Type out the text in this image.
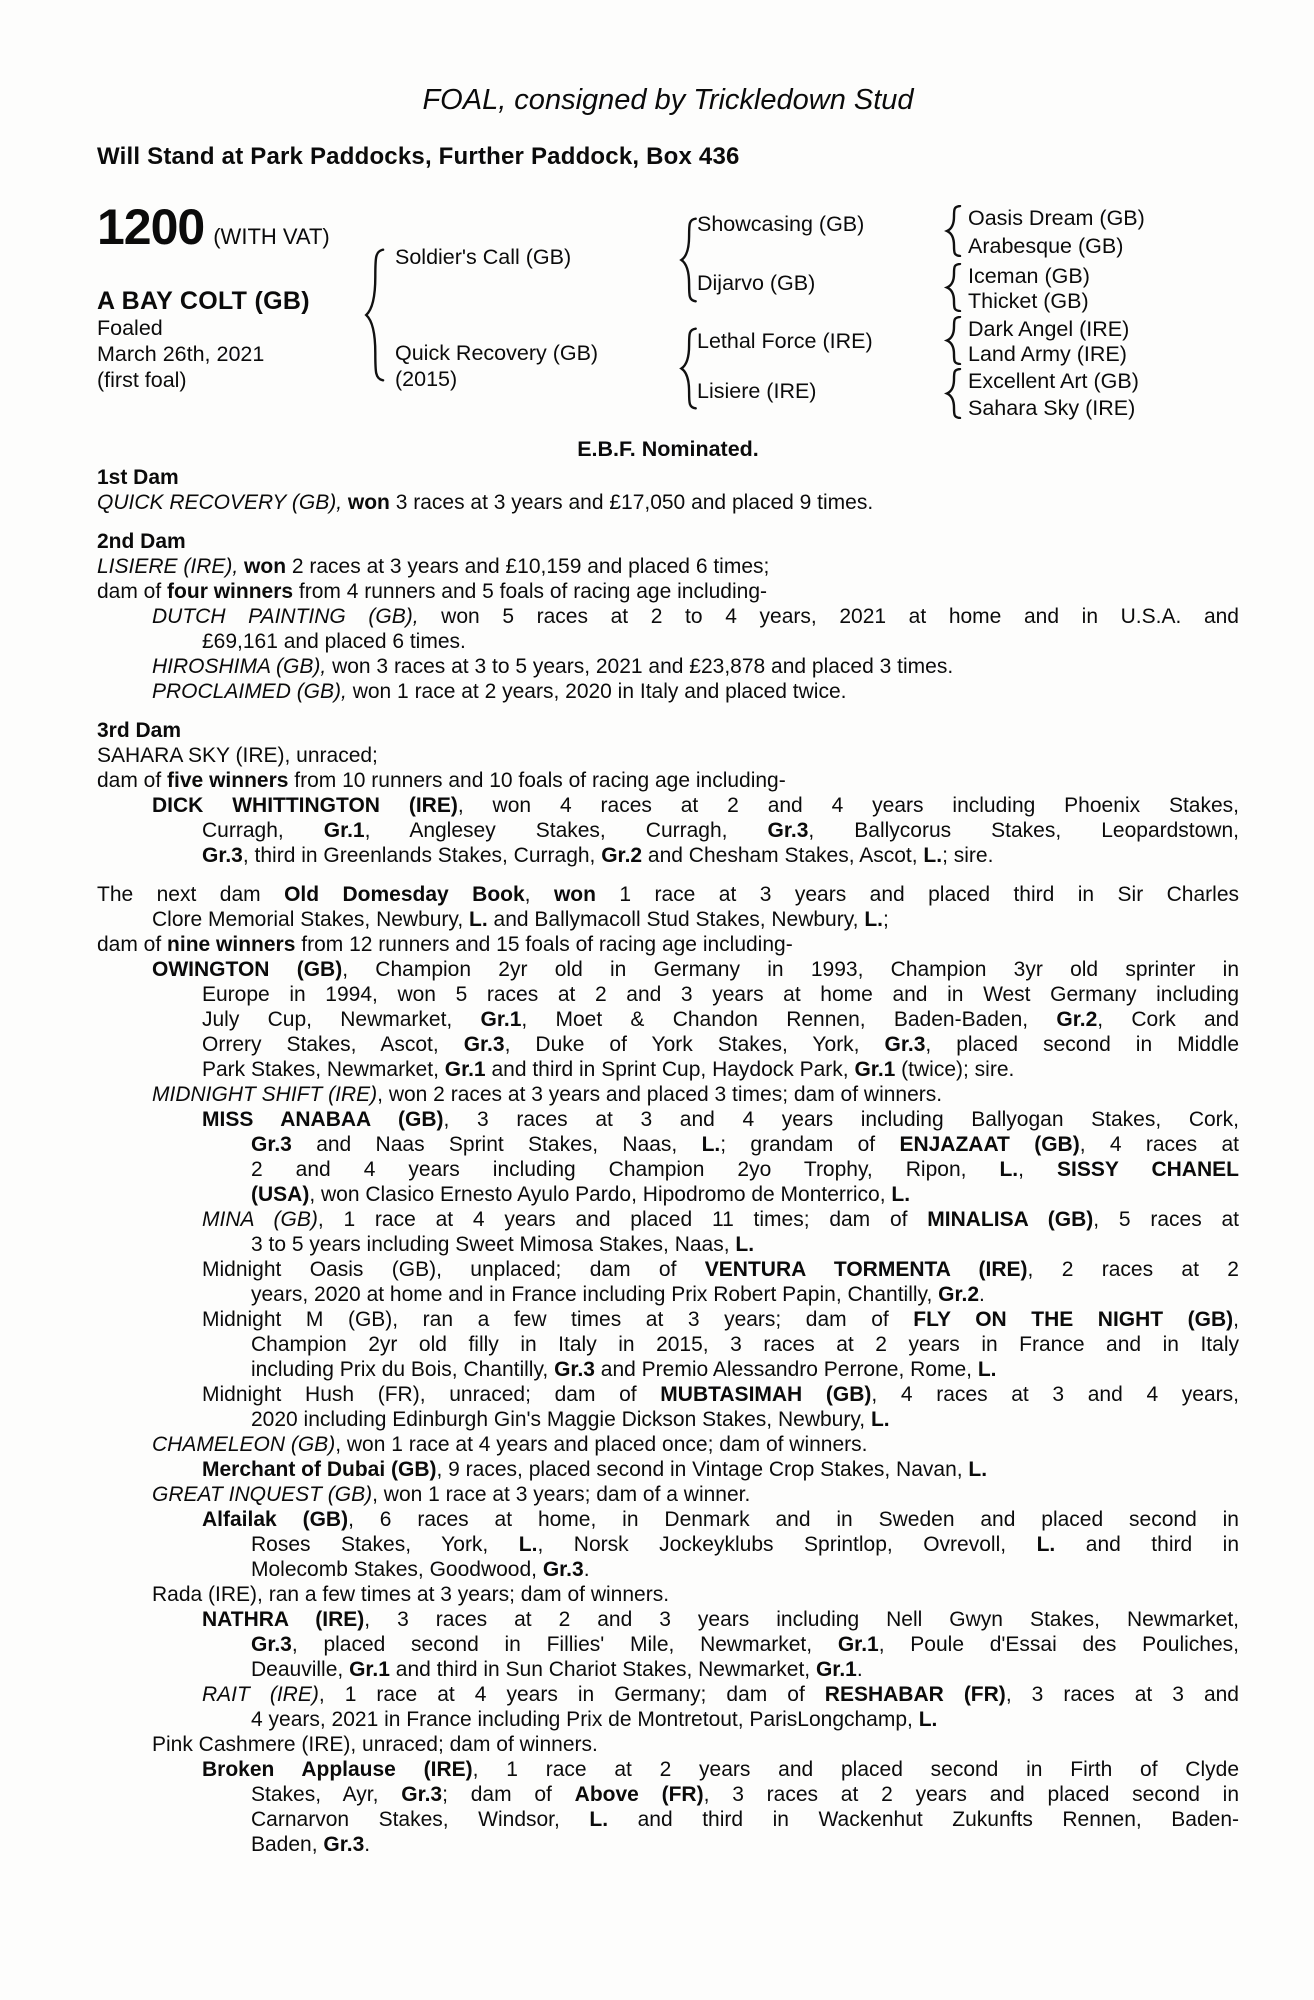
FOAL, consigned by Trickledown Stud
Will Stand at Park Paddocks, Further Paddock, Box 436
1200 (WITH VAT)
A BAY COLT (GB)
Foaled
March 26th, 2021
(first foal)
Soldier's Call (GB)
Quick Recovery (GB)
(2015)
Showcasing (GB)
Dijarvo (GB)
Lethal Force (IRE)
Lisiere (IRE)
Oasis Dream (GB)
Arabesque (GB)
Iceman (GB)
Thicket (GB)
Dark Angel (IRE)
Land Army (IRE)
Excellent Art (GB)
Sahara Sky (IRE)
E.B.F. Nominated.
1st Dam
QUICK RECOVERY (GB), won 3 races at 3 years and £17,050 and placed 9 times.
2nd Dam
LISIERE (IRE), won 2 races at 3 years and £10,159 and placed 6 times;
dam of four winners from 4 runners and 5 foals of racing age including-
DUTCH PAINTING (GB), won 5 races at 2 to 4 years, 2021 at home and in U.S.A. and
£69,161 and placed 6 times.
HIROSHIMA (GB), won 3 races at 3 to 5 years, 2021 and £23,878 and placed 3 times.
PROCLAIMED (GB), won 1 race at 2 years, 2020 in Italy and placed twice.
3rd Dam
SAHARA SKY (IRE), unraced;
dam of five winners from 10 runners and 10 foals of racing age including-
DICK WHITTINGTON (IRE), won 4 races at 2 and 4 years including Phoenix Stakes,
Curragh, Gr.1, Anglesey Stakes, Curragh, Gr.3, Ballycorus Stakes, Leopardstown,
Gr.3, third in Greenlands Stakes, Curragh, Gr.2 and Chesham Stakes, Ascot, L.; sire.
The next dam Old Domesday Book, won 1 race at 3 years and placed third in Sir Charles
Clore Memorial Stakes, Newbury, L. and Ballymacoll Stud Stakes, Newbury, L.;
dam of nine winners from 12 runners and 15 foals of racing age including-
OWINGTON (GB), Champion 2yr old in Germany in 1993, Champion 3yr old sprinter in
Europe in 1994, won 5 races at 2 and 3 years at home and in West Germany including
July Cup, Newmarket, Gr.1, Moet & Chandon Rennen, Baden-Baden, Gr.2, Cork and
Orrery Stakes, Ascot, Gr.3, Duke of York Stakes, York, Gr.3, placed second in Middle
Park Stakes, Newmarket, Gr.1 and third in Sprint Cup, Haydock Park, Gr.1 (twice); sire.
MIDNIGHT SHIFT (IRE), won 2 races at 3 years and placed 3 times; dam of winners.
MISS ANABAA (GB), 3 races at 3 and 4 years including Ballyogan Stakes, Cork,
Gr.3 and Naas Sprint Stakes, Naas, L.; grandam of ENJAZAAT (GB), 4 races at
2 and 4 years including Champion 2yo Trophy, Ripon, L., SISSY CHANEL
(USA), won Clasico Ernesto Ayulo Pardo, Hipodromo de Monterrico, L.
MINA (GB), 1 race at 4 years and placed 11 times; dam of MINALISA (GB), 5 races at
3 to 5 years including Sweet Mimosa Stakes, Naas, L.
Midnight Oasis (GB), unplaced; dam of VENTURA TORMENTA (IRE), 2 races at 2
years, 2020 at home and in France including Prix Robert Papin, Chantilly, Gr.2.
Midnight M (GB), ran a few times at 3 years; dam of FLY ON THE NIGHT (GB),
Champion 2yr old filly in Italy in 2015, 3 races at 2 years in France and in Italy
including Prix du Bois, Chantilly, Gr.3 and Premio Alessandro Perrone, Rome, L.
Midnight Hush (FR), unraced; dam of MUBTASIMAH (GB), 4 races at 3 and 4 years,
2020 including Edinburgh Gin's Maggie Dickson Stakes, Newbury, L.
CHAMELEON (GB), won 1 race at 4 years and placed once; dam of winners.
Merchant of Dubai (GB), 9 races, placed second in Vintage Crop Stakes, Navan, L.
GREAT INQUEST (GB), won 1 race at 3 years; dam of a winner.
Alfailak (GB), 6 races at home, in Denmark and in Sweden and placed second in
Roses Stakes, York, L., Norsk Jockeyklubs Sprintlop, Ovrevoll, L. and third in
Molecomb Stakes, Goodwood, Gr.3.
Rada (IRE), ran a few times at 3 years; dam of winners.
NATHRA (IRE), 3 races at 2 and 3 years including Nell Gwyn Stakes, Newmarket,
Gr.3, placed second in Fillies' Mile, Newmarket, Gr.1, Poule d'Essai des Pouliches,
Deauville, Gr.1 and third in Sun Chariot Stakes, Newmarket, Gr.1.
RAIT (IRE), 1 race at 4 years in Germany; dam of RESHABAR (FR), 3 races at 3 and
4 years, 2021 in France including Prix de Montretout, ParisLongchamp, L.
Pink Cashmere (IRE), unraced; dam of winners.
Broken Applause (IRE), 1 race at 2 years and placed second in Firth of Clyde
Stakes, Ayr, Gr.3; dam of Above (FR), 3 races at 2 years and placed second in
Carnarvon Stakes, Windsor, L. and third in Wackenhut Zukunfts Rennen, Baden-
Baden, Gr.3.
